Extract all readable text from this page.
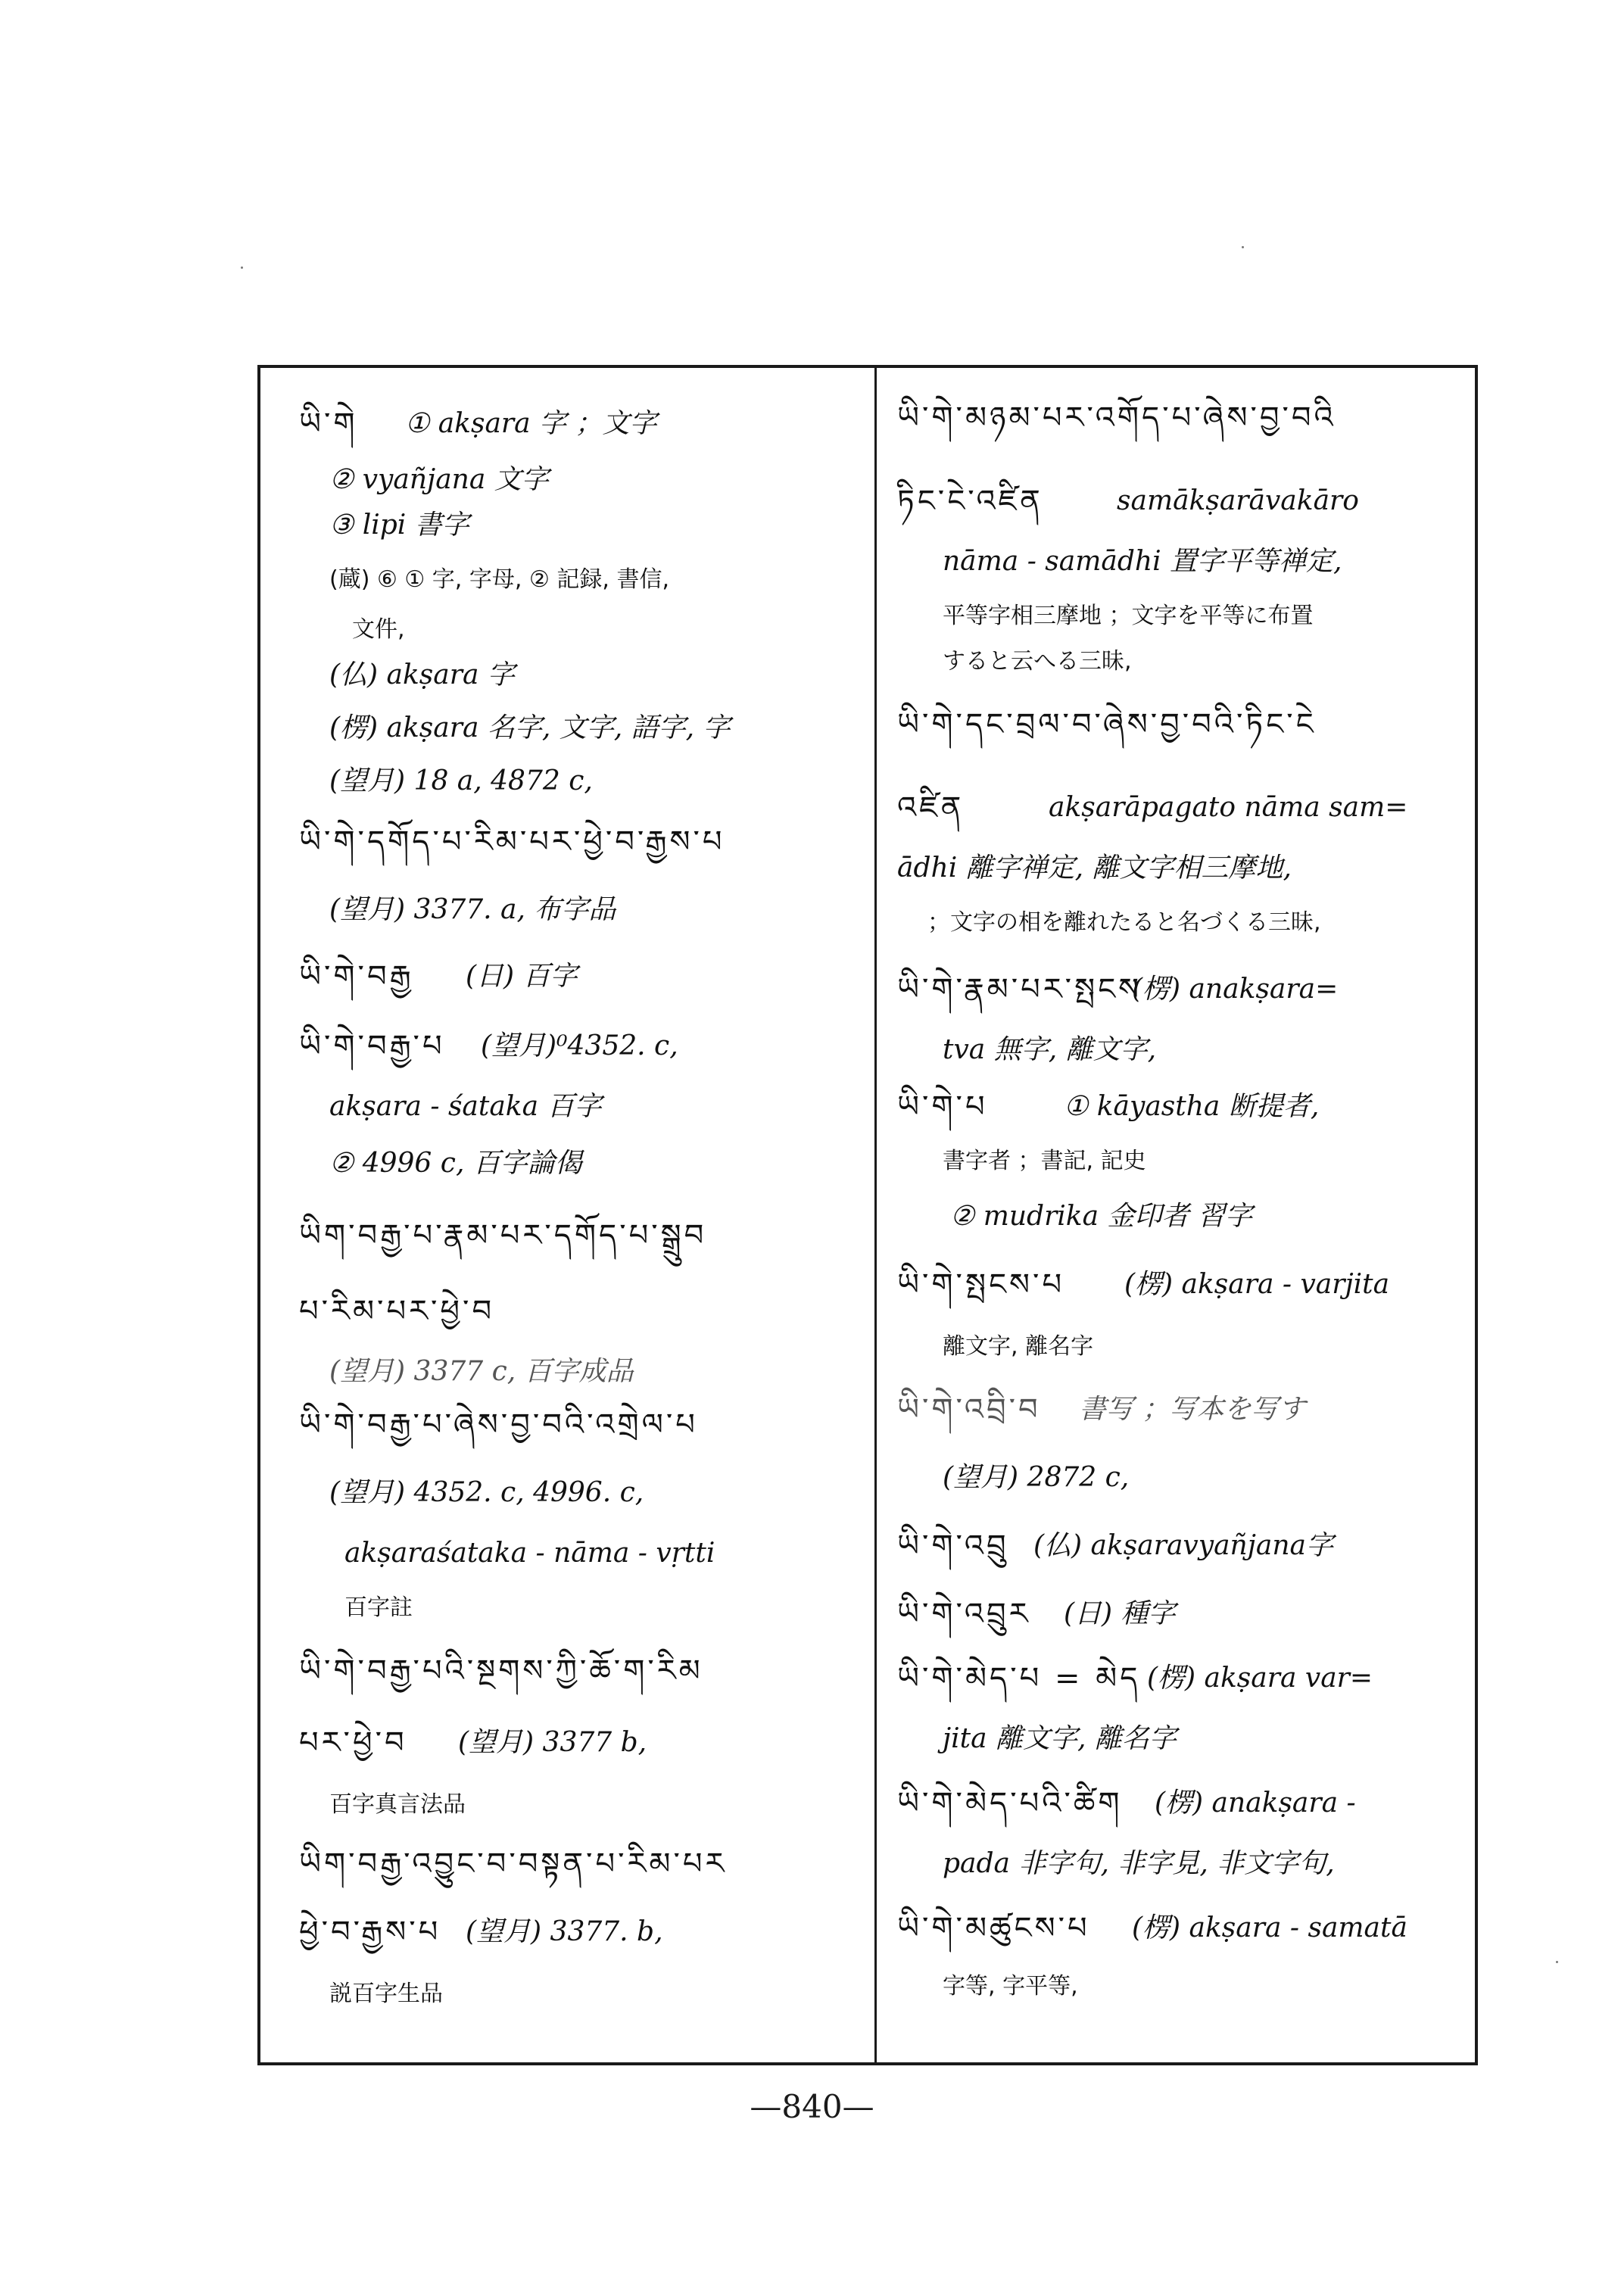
ཡི་གེ ① akṣara 字 ；文字
② vyañjana 文字
③ lipi 書字
(蔵) ⑥ ① 字, 字母, ② 記録, 書信,
文件,
(仏) akṣara 字
(楞) akṣara 名字, 文字, 語字, 字
(望月) 18 a, 4872 c,
ཡི་གེ་དགོད་པ་རིམ་པར་ཕྱེ་བ་རྒྱས་པ
(望月) 3377. a, 布字品
ཡི་གེ་བརྒྱ (日) 百字
ཡི་གེ་བརྒྱ་པ (望月)⁰4352. c,
akṣara - śataka 百字
② 4996 c, 百字論偈
ཡིག་བརྒྱ་པ་རྣམ་པར་དགོད་པ་སྒྲུབ
པ་རིམ་པར་ཕྱེ་བ
(望月) 3377 c, 百字成品
ཡི་གེ་བརྒྱ་པ་ཞེས་བྱ་བའི་འགྲེལ་པ
(望月) 4352. c, 4996. c,
akṣaraśataka - nāma - vṛtti
百字註
ཡི་གེ་བརྒྱ་པའི་སྔགས་ཀྱི་ཆོ་ག་རིམ
པར་ཕྱེ་བ (望月) 3377 b,
百字真言法品
ཡིག་བརྒྱ་འབྱུང་བ་བསྟན་པ་རིམ་པར
ཕྱེ་བ་རྒྱས་པ (望月) 3377. b,
説百字生品
ཡི་གེ་མཉམ་པར་འགོད་པ་ཞེས་བྱ་བའི
ཏིང་ངེ་འཛིན	samākṣarāvakāro
nāma - samādhi 置字平等禅定,
平等字相三摩地 ；文字を平等に布置
すると云へる三昧,
ཡི་གེ་དང་བྲལ་བ་ཞེས་བྱ་བའི་ཏིང་ངེ
འཛིན	akṣarāpagato nāma sam=
ādhi 離字禅定, 離文字相三摩地,
；文字の相を離れたると名づくる三昧,
ཡི་གེ་རྣམ་པར་སྤངས
(楞) anakṣara=
tva 無字, 離文字,
ཡི་གེ་པ	① kāyastha 断提者,
書字者 ；書記, 記史
② mudrika 金印者 習字
ཡི་གེ་སྤངས་པ (楞) akṣara - varjita
離文字, 離名字
ཡི་གེ་འབྲི་བ 書写 ；写本を写す
(望月) 2872 c,
ཡི་གེ་འབྲུ (仏) akṣaravyañjana字
ཡི་གེ་འབྲུར (日) 種字
ཡི་གེ་མེད་པ = མེད (楞) akṣara var=
jita 離文字, 離名字
ཡི་གེ་མེད་པའི་ཚིག (楞) anakṣara -
pada 非字句, 非字見, 非文字句,
ཡི་གེ་མཚུངས་པ (楞) akṣara - samatā
字等, 字平等,
—840—
